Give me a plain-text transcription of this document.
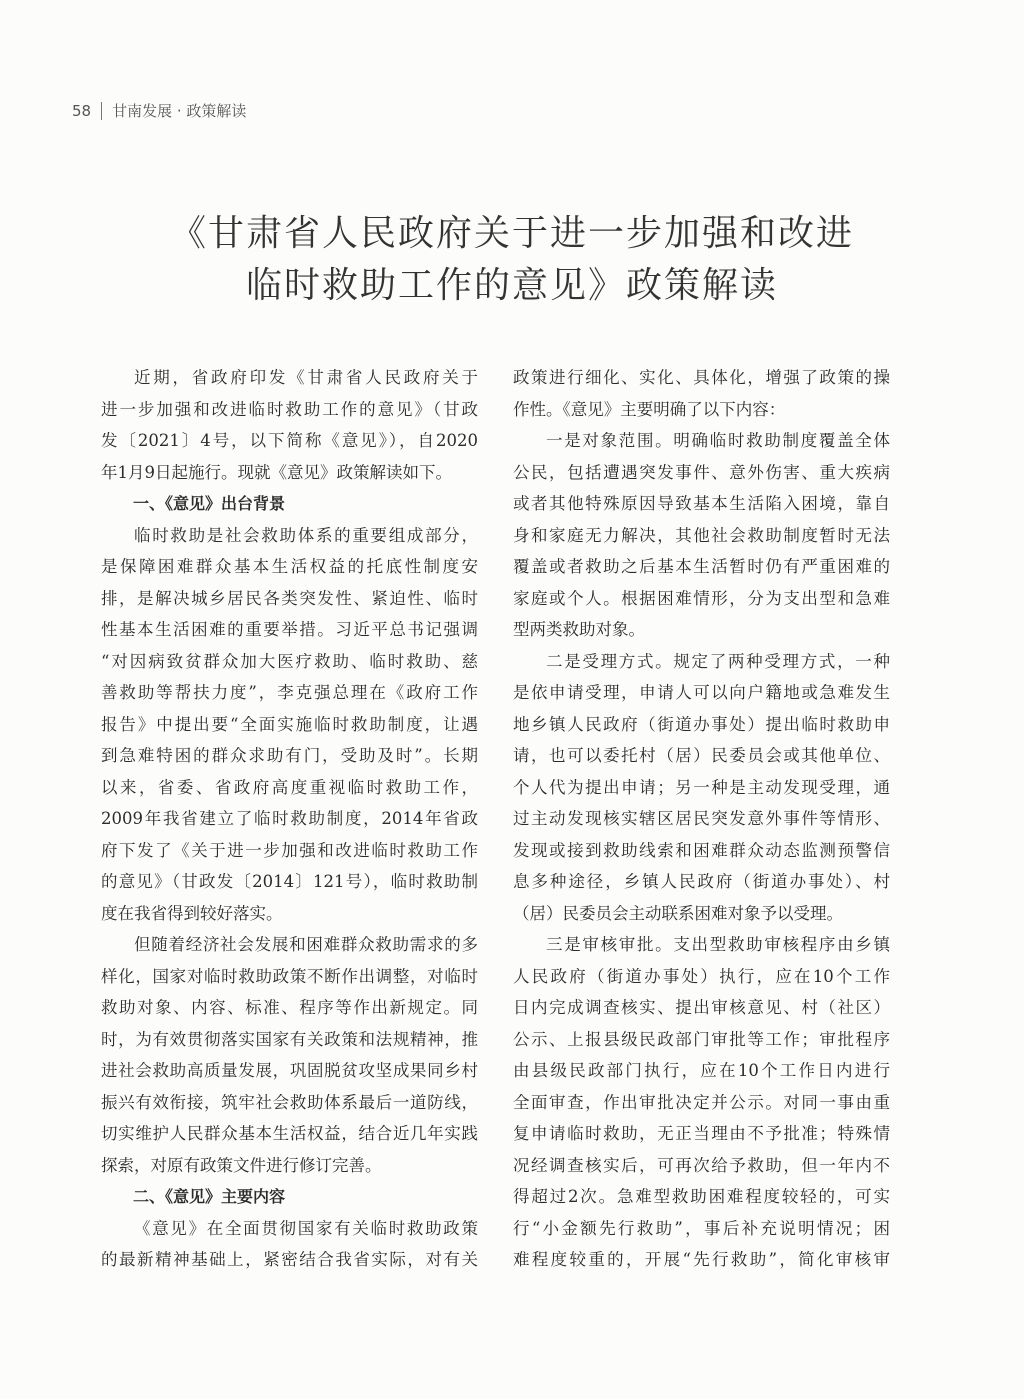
58 甘南发展 · 政策解读
《甘肃省人民政府关于进一步加强和改进
临时救助工作的意见》政策解读
近期，省政府印发《甘肃省人民政府关于
进一步加强和改进临时救助工作的意见》（甘政
发〔2021〕4号，以下简称《意见》），自2020
年1月9日起施行。现就《意见》政策解读如下。
一、《意见》出台背景
临时救助是社会救助体系的重要组成部分，
是保障困难群众基本生活权益的托底性制度安
排，是解决城乡居民各类突发性、紧迫性、临时
性基本生活困难的重要举措。习近平总书记强调
“对因病致贫群众加大医疗救助、临时救助、慈
善救助等帮扶力度”，李克强总理在《政府工作
报告》中提出要“全面实施临时救助制度，让遇
到急难特困的群众求助有门，受助及时”。长期
以来，省委、省政府高度重视临时救助工作，
2009年我省建立了临时救助制度，2014年省政
府下发了《关于进一步加强和改进临时救助工作
的意见》（甘政发〔2014〕121号），临时救助制
度在我省得到较好落实。
但随着经济社会发展和困难群众救助需求的多
样化，国家对临时救助政策不断作出调整，对临时
救助对象、内容、标准、程序等作出新规定。同
时，为有效贯彻落实国家有关政策和法规精神，推
进社会救助高质量发展，巩固脱贫攻坚成果同乡村
振兴有效衔接，筑牢社会救助体系最后一道防线，
切实维护人民群众基本生活权益，结合近几年实践
探索，对原有政策文件进行修订完善。
二、《意见》主要内容
《意见》在全面贯彻国家有关临时救助政策
的最新精神基础上，紧密结合我省实际，对有关
政策进行细化、实化、具体化，增强了政策的操
作性。《意见》主要明确了以下内容：
一是对象范围。明确临时救助制度覆盖全体
公民，包括遭遇突发事件、意外伤害、重大疾病
或者其他特殊原因导致基本生活陷入困境，靠自
身和家庭无力解决，其他社会救助制度暂时无法
覆盖或者救助之后基本生活暂时仍有严重困难的
家庭或个人。根据困难情形，分为支出型和急难
型两类救助对象。
二是受理方式。规定了两种受理方式，一种
是依申请受理，申请人可以向户籍地或急难发生
地乡镇人民政府（街道办事处）提出临时救助申
请，也可以委托村（居）民委员会或其他单位、
个人代为提出申请；另一种是主动发现受理，通
过主动发现核实辖区居民突发意外事件等情形、
发现或接到救助线索和困难群众动态监测预警信
息多种途径，乡镇人民政府（街道办事处）、村
（居）民委员会主动联系困难对象予以受理。
三是审核审批。支出型救助审核程序由乡镇
人民政府（街道办事处）执行，应在10个工作
日内完成调查核实、提出审核意见、村（社区）
公示、上报县级民政部门审批等工作；审批程序
由县级民政部门执行，应在10个工作日内进行
全面审查，作出审批决定并公示。对同一事由重
复申请临时救助，无正当理由不予批准；特殊情
况经调查核实后，可再次给予救助，但一年内不
得超过2次。急难型救助困难程度较轻的，可实
行“小金额先行救助”，事后补充说明情况；困
难程度较重的，开展“先行救助”，简化审核审
